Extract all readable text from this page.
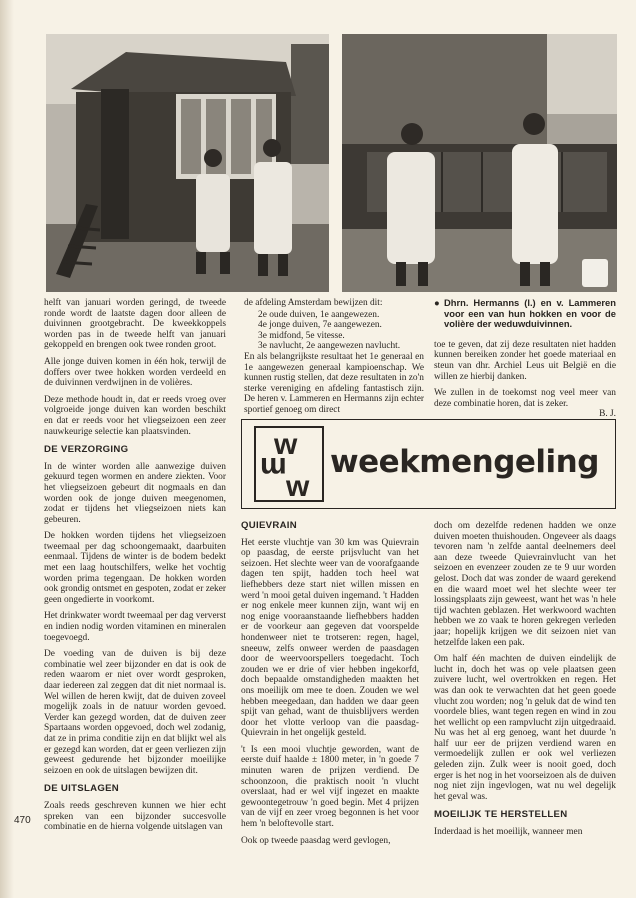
helft van januari worden geringd, de tweede ronde wordt de laatste dagen door alleen de duivinnen grootgebracht. De kweekkoppels worden pas in de tweede helft van januari gekoppeld en brengen ook twee ronden groot.

Alle jonge duiven komen in één hok, terwijl de doffers over twee hokken worden verdeeld en de duivinnen verdwijnen in de volières.

Deze methode houdt in, dat er reeds vroeg over volgroeide jonge duiven kan worden beschikt en dat er reeds voor het vliegseizoen een zeer nauwkeurige selectie kan plaatsvinden.

DE VERZORGING

In de winter worden alle aanwezige duiven gekuurd tegen wormen en andere ziekten. Voor het vliegseizoen gebeurt dit nogmaals en dan worden ook de jonge duiven meegenomen, zodat er tijdens het vliegseizoen niets kan gebeuren.

De hokken worden tijdens het vliegseizoen tweemaal per dag schoongemaakt, daarbuiten eenmaal. Tijdens de winter is de bodem bedekt met een laag houtschilfers, welke het vochtig worden prima tegengaan. De hokken worden ook grondig ontsmet en gespoten, zodat er zeker geen ongedierte in voorkomt.

Het drinkwater wordt tweemaal per dag ververst en indien nodig worden vitaminen en mineralen toegevoegd.

De voeding van de duiven is bij deze combinatie wel zeer bijzonder en dat is ook de reden waarom er niet over wordt gesproken, daar iedereen zal zeggen dat dit niet normaal is. Wel willen de heren kwijt, dat de duiven zoveel mogelijk zoals in de natuur worden gevoed. Verder kan gezegd worden, dat de duiven zeer Spartaans worden opgevoed, doch wel zodanig, dat ze in prima conditie zijn en dat blijkt wel als er gezegd kan worden, dat er geen verliezen zijn geweest gedurende het bijzonder moeilijke seizoen en ook de uitslagen bewijzen dit.

DE UITSLAGEN

Zoals reeds geschreven kunnen we hier echt spreken van een bijzonder succesvolle combinatie en de hierna volgende uitslagen van

470

de afdeling Amsterdam bewijzen dit:

2e oude duiven, 1e aangewezen.
4e jonge duiven, 7e aangewezen.
3e midfond, 5e vitesse.
3e navlucht, 2e aangewezen navlucht.

En als belangrijkste resultaat het 1e generaal en 1e aangewezen generaal kampioenschap. We kunnen rustig stellen, dat deze resultaten in zo'n sterke vereniging en afdeling fantastisch zijn. De heren v. Lammeren en Hermanns zijn echter sportief genoeg om direct

● Dhrn. Hermanns (l.) en v. Lammeren voor een van hun hokken en voor de volière der weduwduivinnen.

toe te geven, dat zij deze resultaten niet hadden kunnen bereiken zonder het goede materiaal en steun van dhr. Archiel Leus uit België en die willen ze hierbij danken.

We zullen in de toekomst nog veel meer van deze combinatie horen, dat is zeker.

B. J.
w
m
w
weekmengeling
QUIEVRAIN

Het eerste vluchtje van 30 km was Quievrain op paasdag, de eerste prijsvlucht van het seizoen. Het slechte weer van de voorafgaande dagen ten spijt, hadden toch heel wat liefhebbers deze start niet willen missen en werd 'n mooi getal duiven ingemand. 't Hadden er nog enkele meer kunnen zijn, want wij en nog enige vooraanstaande liefhebbers hadden er de voorkeur aan gegeven dat voorspelde hondenweer niet te trotseren: regen, hagel, sneeuw, zelfs onweer werden de paasdagen door de weervoorspellers toegedacht. Toch zouden we er drie of vier hebben ingekorfd, doch bepaalde omstandigheden maakten het ons moeilijk om mee te doen. Zouden we wel hebben meegedaan, dan hadden we daar geen spijt van gehad, want de thuisblijvers werden door het vlotte verloop van die paasdag-Quievrain in het ongelijk gesteld.

't Is een mooi vluchtje geworden, want de eerste duif haalde ± 1800 meter, in 'n goede 7 minuten waren de prijzen verdiend. De schoonzoon, die praktisch nooit 'n vlucht overslaat, had er wel vijf ingezet en maakte gewoontegetrouw 'n goed begin. Met 4 prijzen van de vijf en zeer vroeg begonnen is het voor hem 'n beloftevolle start.

Ook op tweede paasdag werd gevlogen,

doch om dezelfde redenen hadden we onze duiven moeten thuishouden. Ongeveer als daags tevoren nam 'n zelfde aantal deelnemers deel aan deze tweede Quievrainvlucht van het seizoen en evenzeer zouden ze te 9 uur worden gelost. Doch dat was zonder de waard gerekend en die waard moet wel het slechte weer ter lossingsplaats zijn geweest, want het was 'n hele tijd wachten geblazen. Het werkwoord wachten hebben we zo vaak te horen gekregen verleden jaar; hopelijk krijgen we dit seizoen niet van hetzelfde laken een pak.

Om half één machten de duiven eindelijk de lucht in, doch het was op vele plaatsen geen zuivere lucht, wel overtrokken en regen. Het was dan ook te verwachten dat het geen goede vlucht zou worden; nog 'n geluk dat de wind ten voordele blies, want tegen regen en wind in zou het wellicht op een rampvlucht zijn uitgedraaid. Nu was het al erg genoeg, want het duurde 'n half uur eer de prijzen verdiend waren en vermoedelijk zullen er ook wel verliezen geleden zijn. Zulk weer is nooit goed, doch erger is het nog in het voorseizoen als de duiven nog niet zijn ingevlogen, wat nu wel degelijk het geval was.

MOEILIJK TE HERSTELLEN

Inderdaad is het moeilijk, wanneer men
